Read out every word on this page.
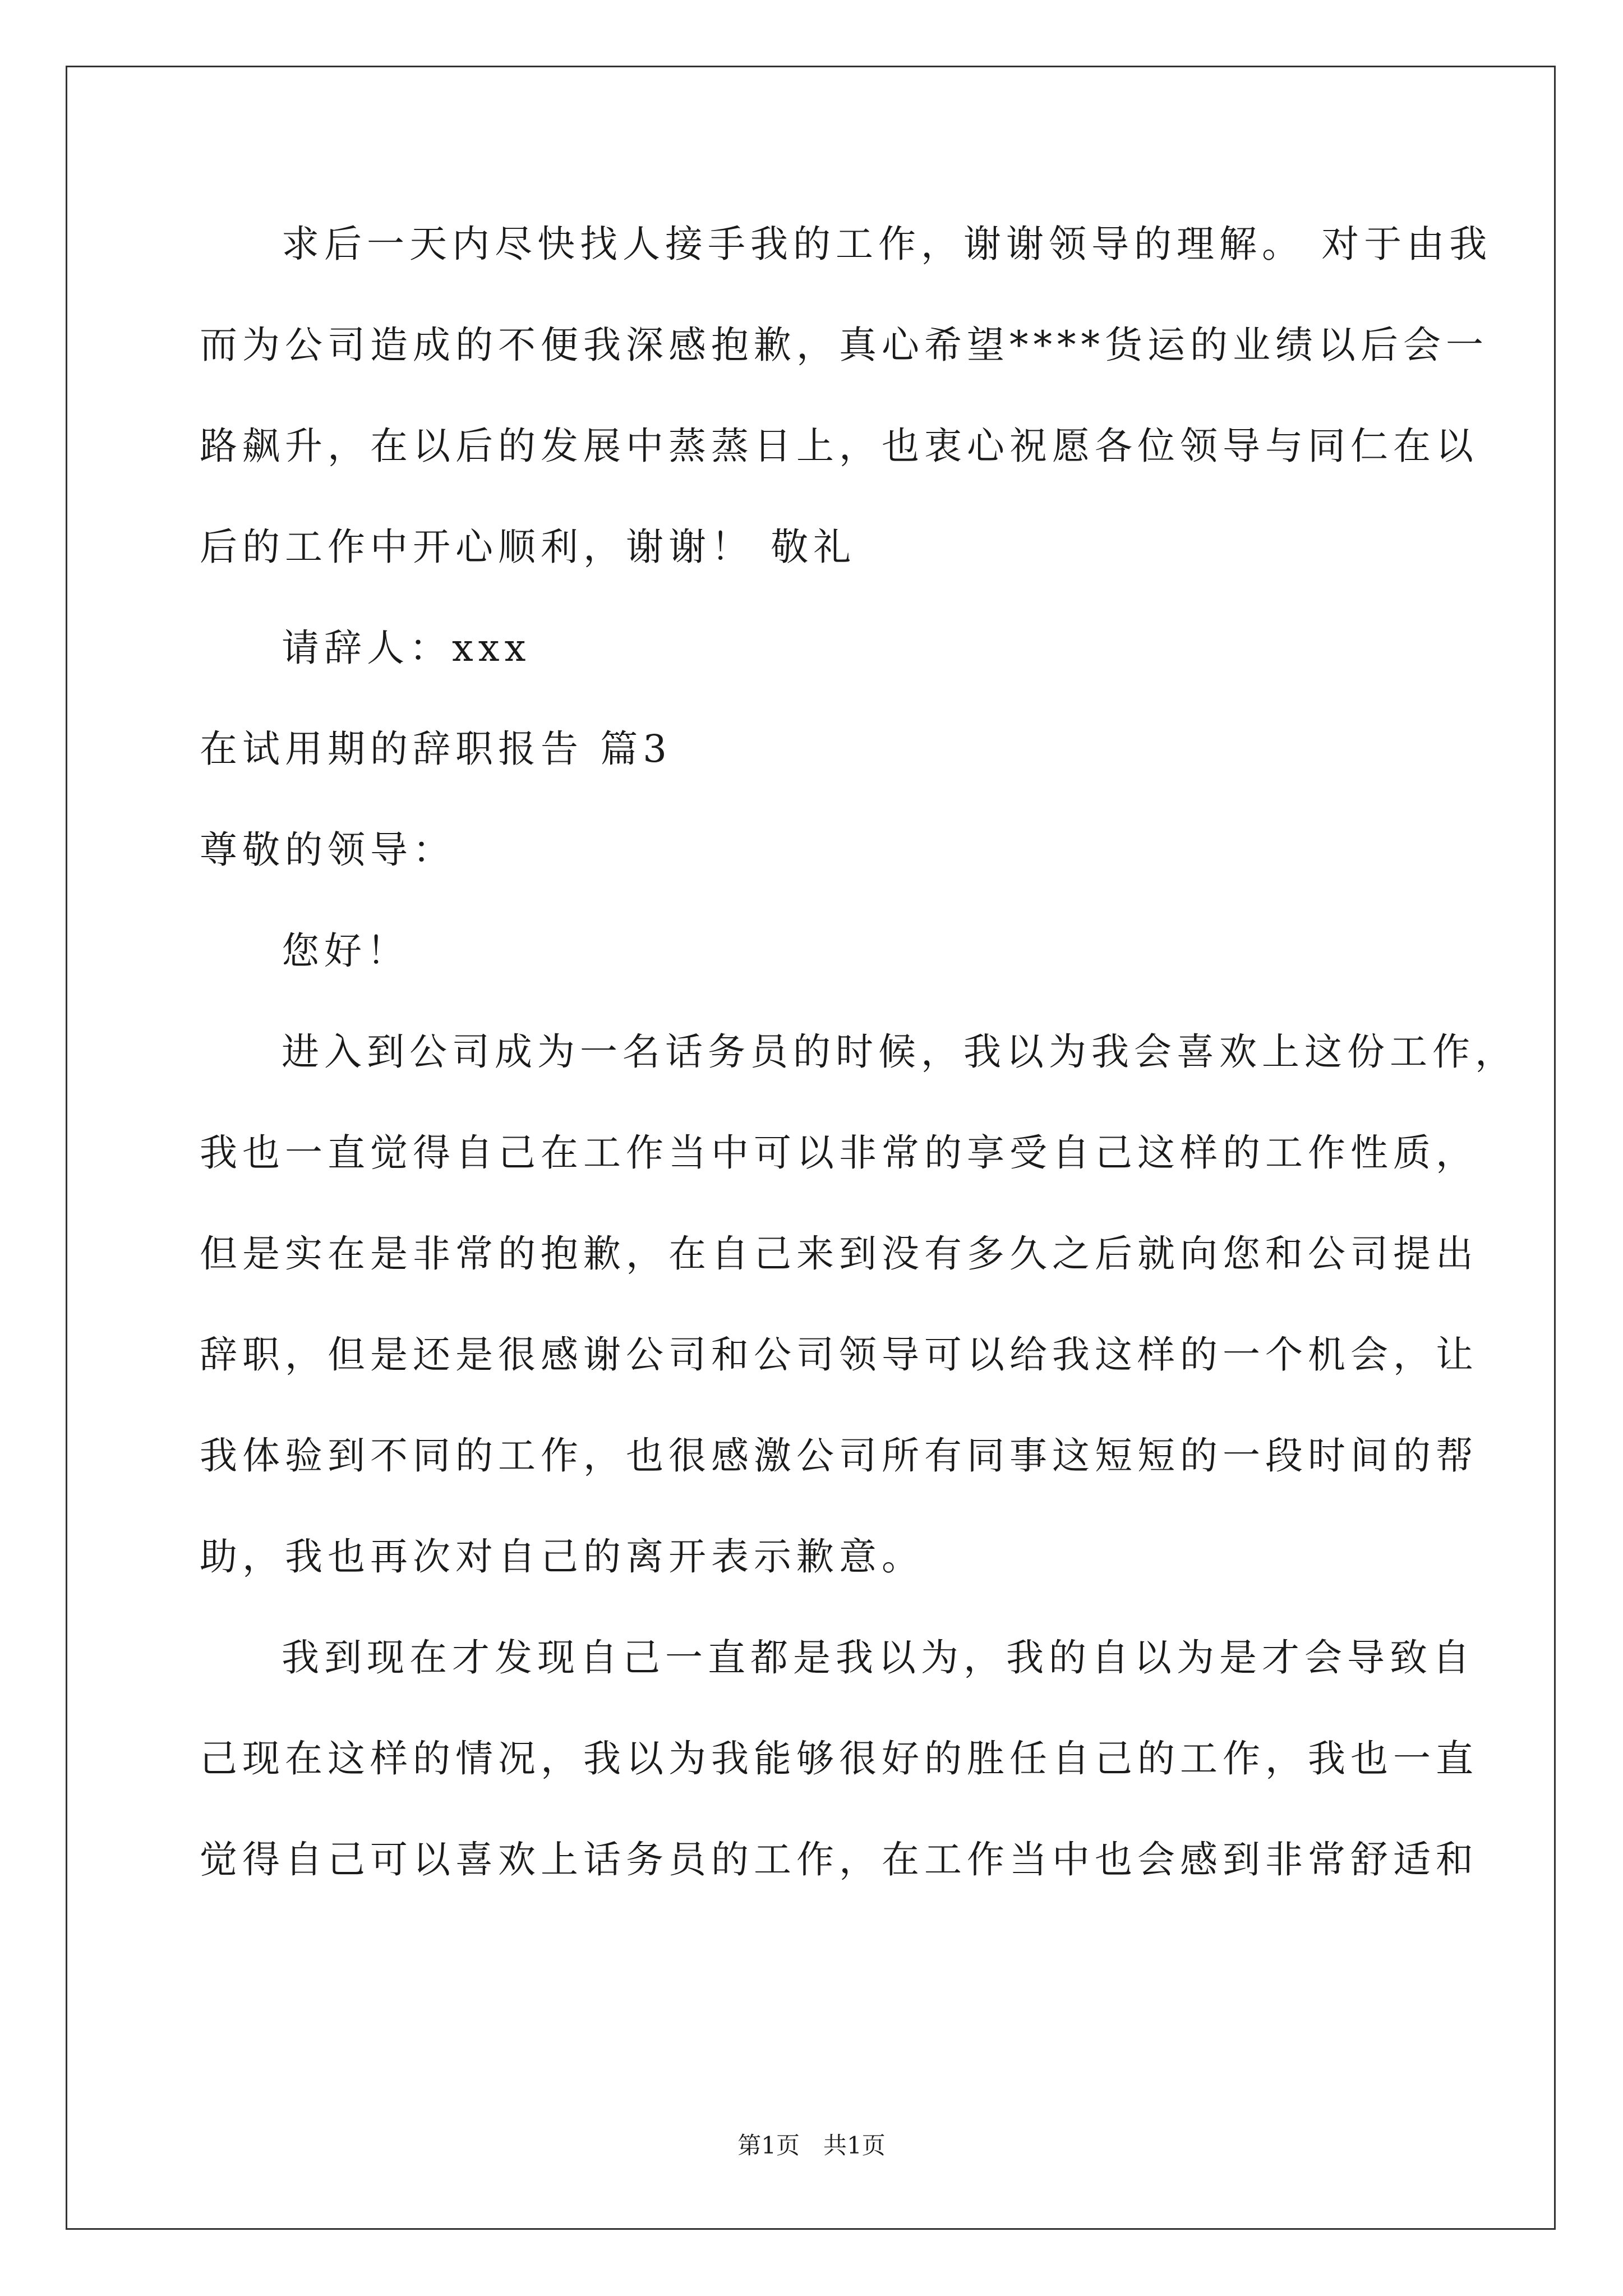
求后一天内尽快找人接手我的工作，谢谢领导的理解。 对于由我
而为公司造成的不便我深感抱歉，真心希望****货运的业绩以后会一
路飙升，在以后的发展中蒸蒸日上，也衷心祝愿各位领导与同仁在以
后的工作中开心顺利，谢谢！ 敬礼
请辞人：xxx
在试用期的辞职报告 篇3
尊敬的领导：
您好！
进入到公司成为一名话务员的时候，我以为我会喜欢上这份工作，
我也一直觉得自己在工作当中可以非常的享受自己这样的工作性质，
但是实在是非常的抱歉，在自己来到没有多久之后就向您和公司提出
辞职，但是还是很感谢公司和公司领导可以给我这样的一个机会，让
我体验到不同的工作，也很感激公司所有同事这短短的一段时间的帮
助，我也再次对自己的离开表示歉意。
我到现在才发现自己一直都是我以为，我的自以为是才会导致自
己现在这样的情况，我以为我能够很好的胜任自己的工作，我也一直
觉得自己可以喜欢上话务员的工作，在工作当中也会感到非常舒适和
第1页 共1页
